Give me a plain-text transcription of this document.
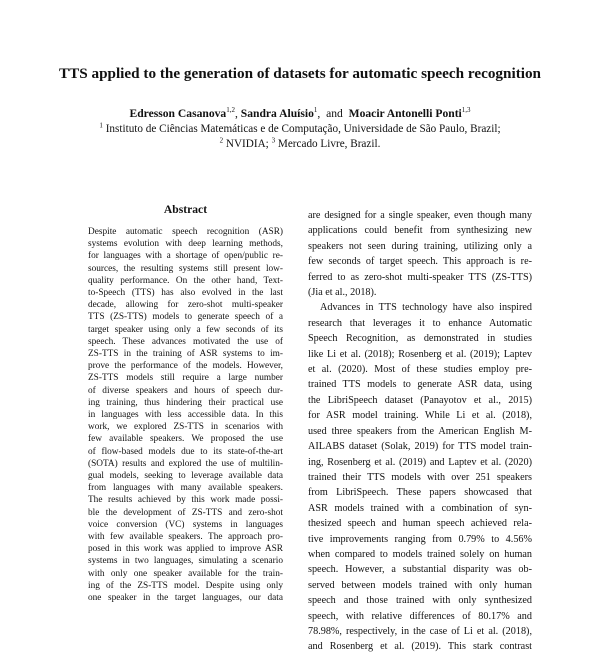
TTS applied to the generation of datasets for automatic speech recognition
Edresson Casanova$^{1,2}$, Sandra Aluísio$^1$,  and  Moacir Antonelli Ponti$^{1,3}$
$^1$ Instituto de Ciências Matemáticas e de Computação, Universidade de São Paulo, Brazil;
$^2$ NVIDIA; $^3$ Mercado Livre, Brazil.
Abstract
Despite automatic speech recognition (ASR)
systems evolution with deep learning methods,
for languages with a shortage of open/public re-
sources, the resulting systems still present low-
quality performance. On the other hand, Text-
to-Speech (TTS) has also evolved in the last
decade, allowing for zero-shot multi-speaker
TTS (ZS-TTS) models to generate speech of a
target speaker using only a few seconds of its
speech. These advances motivated the use of
ZS-TTS in the training of ASR systems to im-
prove the performance of the models. However,
ZS-TTS models still require a large number
of diverse speakers and hours of speech dur-
ing training, thus hindering their practical use
in languages with less accessible data. In this
work, we explored ZS-TTS in scenarios with
few available speakers. We proposed the use
of flow-based models due to its state-of-the-art
(SOTA) results and explored the use of multilin-
gual models, seeking to leverage available data
from languages with many available speakers.
The results achieved by this work made possi-
ble the development of ZS-TTS and zero-shot
voice conversion (VC) systems in languages
with few available speakers. The approach pro-
posed in this work was applied to improve ASR
systems in two languages, simulating a scenario
with only one speaker available for the train-
ing of the ZS-TTS model. Despite using only
one speaker in the target languages, our data
are designed for a single speaker, even though many
applications could benefit from synthesizing new
speakers not seen during training, utilizing only a
few seconds of target speech. This approach is re-
ferred to as zero-shot multi-speaker TTS (ZS-TTS)
(Jia et al., 2018).
Advances in TTS technology have also inspired
research that leverages it to enhance Automatic
Speech Recognition, as demonstrated in studies
like Li et al. (2018); Rosenberg et al. (2019); Laptev
et al. (2020). Most of these studies employ pre-
trained TTS models to generate ASR data, using
the LibriSpeech dataset (Panayotov et al., 2015)
for ASR model training. While Li et al. (2018),
used three speakers from the American English M-
AILABS dataset (Solak, 2019) for TTS model train-
ing, Rosenberg et al. (2019) and Laptev et al. (2020)
trained their TTS models with over 251 speakers
from LibriSpeech. These papers showcased that
ASR models trained with a combination of syn-
thesized speech and human speech achieved rela-
tive improvements ranging from 0.79% to 4.56%
when compared to models trained solely on human
speech. However, a substantial disparity was ob-
served between models trained with only human
speech and those trained with only synthesized
speech, with relative differences of 80.17% and
78.98%, respectively, in the case of Li et al. (2018),
and Rosenberg et al. (2019). This stark contrast
